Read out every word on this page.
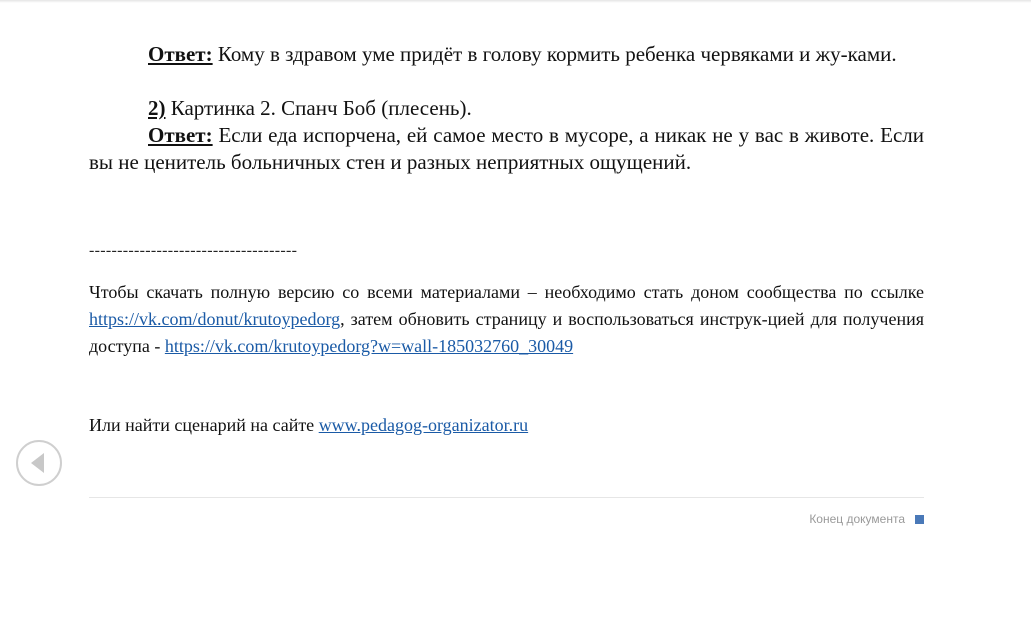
Ответ: Кому в здравом уме придёт в голову кормить ребенка червяками и жу-ками.

2) Картинка 2. Спанч Боб (плесень).

Ответ: Если еда испорчена, ей самое место в мусоре, а никак не у вас в животе. Если вы не ценитель больничных стен и разных неприятных ощущений.

-------------------------------------

Чтобы скачать полную версию со всеми материалами – необходимо стать доном сообщества по ссылке https://vk.com/donut/krutoypedorg, затем обновить страницу и воспользоваться инструк-цией для получения доступа - https://vk.com/krutoypedorg?w=wall-185032760_30049

Или найти сценарий на сайте www.pedagog-organizator.ru

Конец документа
